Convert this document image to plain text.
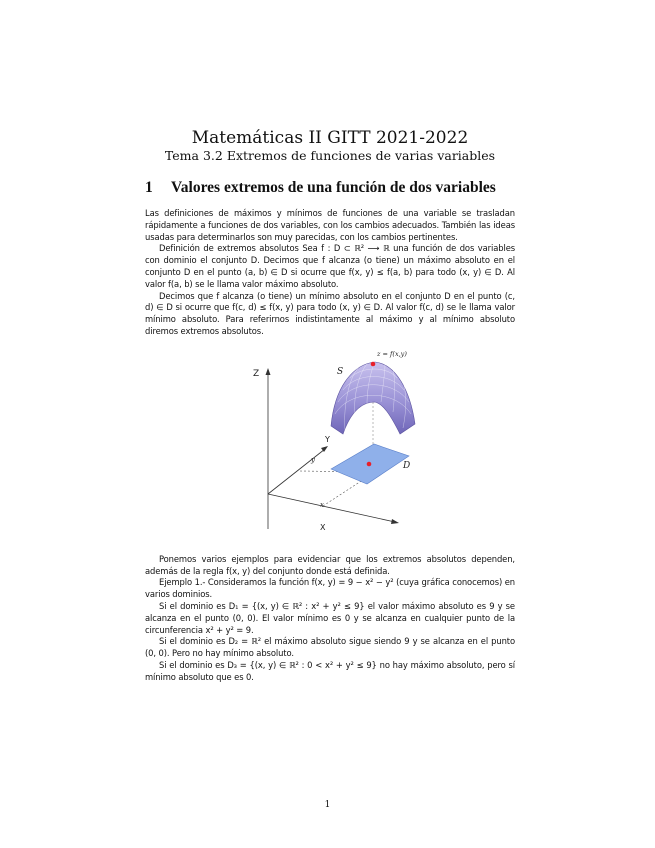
Matemáticas II GITT 2021-2022
Tema 3.2 Extremos de funciones de varias variables
1	Valores extremos de una función de dos variables

Las definiciones de máximos y mínimos de funciones de una variable se trasladan rápidamente a funciones de dos variables, con los cambios adecuados. También las ideas usadas para determinarlos son muy parecidas, con los cambios pertinentes.

Definición de extremos absolutos Sea f : D ⊂ ℝ² ⟶ ℝ una función de dos variables con dominio el conjunto D. Decimos que f alcanza (o tiene) un máximo absoluto en el conjunto D en el punto (a, b) ∈ D si ocurre que f(x, y) ≤ f(a, b) para todo (x, y) ∈ D. Al valor f(a, b) se le llama valor máximo absoluto.

Decimos que f alcanza (o tiene) un mínimo absoluto en el conjunto D en el punto (c, d) ∈ D si ocurre que f(c, d) ≤ f(x, y) para todo (x, y) ∈ D. Al valor f(c, d) se le llama valor mínimo absoluto. Para referirnos indistintamente al máximo y al mínimo absoluto diremos extremos absolutos.

Z
Y
X
y
x
D
S
z = f(x,y)

Ponemos varios ejemplos para evidenciar que los extremos absolutos dependen, además de la regla f(x, y) del conjunto donde está definida.

Ejemplo 1.- Consideramos la función f(x, y) = 9 − x² − y² (cuya gráfica conocemos) en varios dominios.

Si el dominio es D₁ = {(x, y) ∈ ℝ² : x² + y² ≤ 9} el valor máximo absoluto es 9 y se alcanza en el punto (0, 0). El valor mínimo es 0 y se alcanza en cualquier punto de la circunferencia x² + y² = 9.

Si el dominio es D₂ = ℝ² el máximo absoluto sigue siendo 9 y se alcanza en el punto (0, 0). Pero no hay mínimo absoluto.

Si el dominio es D₃ = {(x, y) ∈ ℝ² : 0 < x² + y² ≤ 9} no hay máximo absoluto, pero sí mínimo absoluto que es 0.

1
